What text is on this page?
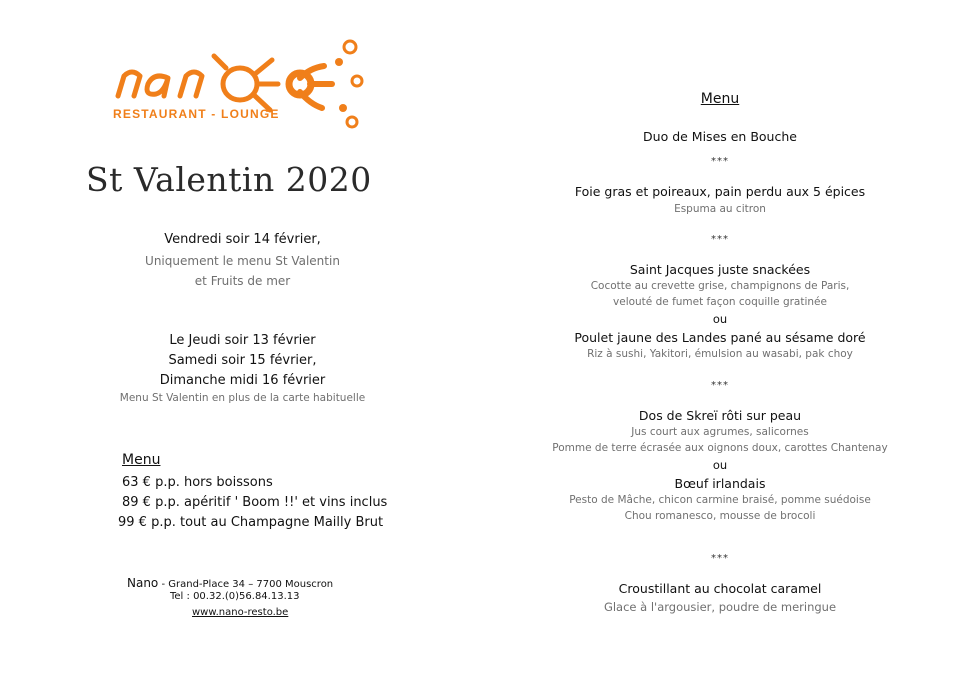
RESTAURANT - LOUNGE
St Valentin 2020
Vendredi soir 14 février,
Uniquement le menu St Valentin
et Fruits de mer
Le Jeudi soir 13 février
Samedi soir 15 février,
Dimanche midi 16 février
Menu St Valentin en plus de la carte habituelle
Menu
63 € p.p. hors boissons
89 € p.p. apéritif ' Boom !!' et vins inclus
99 € p.p. tout au Champagne Mailly Brut
Nano - Grand-Place 34 – 7700 Mouscron
Tel : 00.32.(0)56.84.13.13
www.nano-resto.be
Menu
Duo de Mises en Bouche
***
Foie gras et poireaux, pain perdu aux 5 épices
Espuma au citron
***
Saint Jacques juste snackées
Cocotte au crevette grise, champignons de Paris,
velouté de fumet façon coquille gratinée
ou
Poulet jaune des Landes pané au sésame doré
Riz à sushi, Yakitori, émulsion au wasabi, pak choy
***
Dos de Skreï rôti sur peau
Jus court aux agrumes, salicornes
Pomme de terre écrasée aux oignons doux, carottes Chantenay
ou
Bœuf irlandais
Pesto de Mâche, chicon carmine braisé, pomme suédoise
Chou romanesco, mousse de brocoli
***
Croustillant au chocolat caramel
Glace à l'argousier, poudre de meringue
